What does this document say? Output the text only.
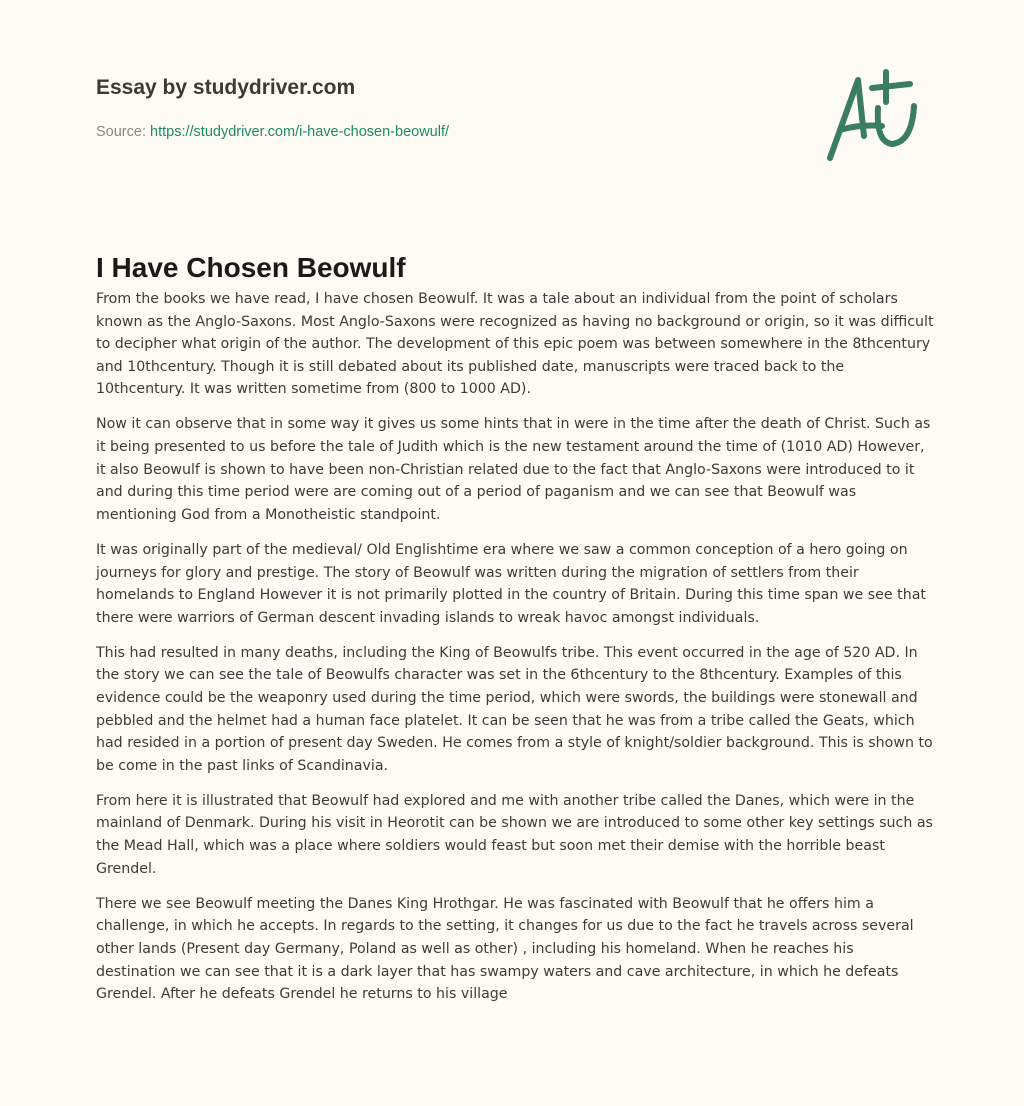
Essay by studydriver.com
Source: https://studydriver.com/i-have-chosen-beowulf/
I Have Chosen Beowulf

From the books we have read, I have chosen Beowulf. It was a tale about an individual from the point of scholars known as the Anglo-Saxons. Most Anglo-Saxons were recognized as having no background or origin, so it was difficult to decipher what origin of the author. The development of this epic poem was between somewhere in the 8thcentury and 10thcentury. Though it is still debated about its published date, manuscripts were traced back to the 10thcentury. It was written sometime from (800 to 1000 AD).

Now it can observe that in some way it gives us some hints that in were in the time after the death of Christ. Such as it being presented to us before the tale of Judith which is the new testament around the time of (1010 AD) However, it also Beowulf is shown to have been non-Christian related due to the fact that Anglo-Saxons were introduced to it and during this time period were are coming out of a period of paganism and we can see that Beowulf was mentioning God from a Monotheistic standpoint.

It was originally part of the medieval/ Old Englishtime era where we saw a common conception of a hero going on journeys for glory and prestige. The story of Beowulf was written during the migration of settlers from their homelands to England However it is not primarily plotted in the country of Britain. During this time span we see that there were warriors of German descent invading islands to wreak havoc amongst individuals.

This had resulted in many deaths, including the King of Beowulfs tribe. This event occurred in the age of 520 AD. In the story we can see the tale of Beowulfs character was set in the 6thcentury to the 8thcentury. Examples of this evidence could be the weaponry used during the time period, which were swords, the buildings were stonewall and pebbled and the helmet had a human face platelet. It can be seen that he was from a tribe called the Geats, which had resided in a portion of present day Sweden. He comes from a style of knight/soldier background. This is shown to be come in the past links of Scandinavia.

From here it is illustrated that Beowulf had explored and me with another tribe called the Danes, which were in the mainland of Denmark. During his visit in Heorotit can be shown we are introduced to some other key settings such as the Mead Hall, which was a place where soldiers would feast but soon met their demise with the horrible beast Grendel.

There we see Beowulf meeting the Danes King Hrothgar. He was fascinated with Beowulf that he offers him a challenge, in which he accepts. In regards to the setting, it changes for us due to the fact he travels across several other lands (Present day Germany, Poland as well as other) , including his homeland. When he reaches his destination we can see that it is a dark layer that has swampy waters and cave architecture, in which he defeats Grendel. After he defeats Grendel he returns to his village
